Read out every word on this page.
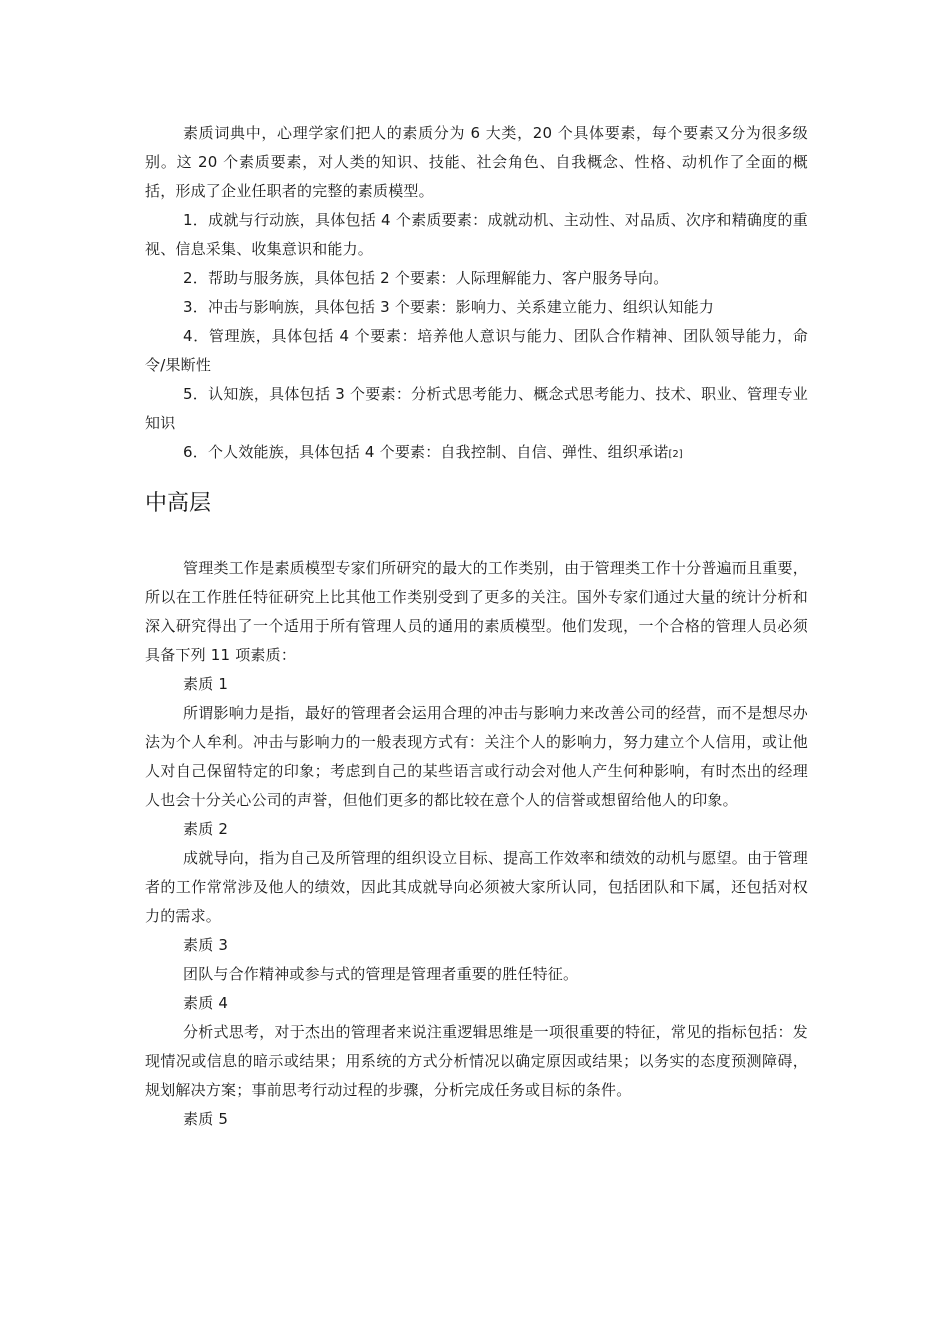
素质词典中，心理学家们把人的素质分为 6 大类，20 个具体要素，每个要素又分为很多级别。这 20 个素质要素，对人类的知识、技能、社会角色、自我概念、性格、动机作了全面的概括，形成了企业任职者的完整的素质模型。

1．成就与行动族，具体包括 4 个素质要素：成就动机、主动性、对品质、次序和精确度的重视、信息采集、收集意识和能力。

2．帮助与服务族，具体包括 2 个要素：人际理解能力、客户服务导向。

3．冲击与影响族，具体包括 3 个要素：影响力、关系建立能力、组织认知能力

4．管理族，具体包括 4 个要素：培养他人意识与能力、团队合作精神、团队领导能力，命令/果断性

5．认知族，具体包括 3 个要素：分析式思考能力、概念式思考能力、技术、职业、管理专业知识

6．个人效能族，具体包括 4 个要素：自我控制、自信、弹性、组织承诺[2]

中高层

管理类工作是素质模型专家们所研究的最大的工作类别，由于管理类工作十分普遍而且重要，所以在工作胜任特征研究上比其他工作类别受到了更多的关注。国外专家们通过大量的统计分析和深入研究得出了一个适用于所有管理人员的通用的素质模型。他们发现，一个合格的管理人员必须具备下列 11 项素质：

素质 1

所谓影响力是指，最好的管理者会运用合理的冲击与影响力来改善公司的经营，而不是想尽办法为个人牟利。冲击与影响力的一般表现方式有：关注个人的影响力，努力建立个人信用，或让他人对自己保留特定的印象；考虑到自己的某些语言或行动会对他人产生何种影响，有时杰出的经理人也会十分关心公司的声誉，但他们更多的都比较在意个人的信誉或想留给他人的印象。

素质 2

成就导向，指为自己及所管理的组织设立目标、提高工作效率和绩效的动机与愿望。由于管理者的工作常常涉及他人的绩效，因此其成就导向必须被大家所认同，包括团队和下属，还包括对权力的需求。

素质 3

团队与合作精神或参与式的管理是管理者重要的胜任特征。

素质 4

分析式思考，对于杰出的管理者来说注重逻辑思维是一项很重要的特征，常见的指标包括：发现情况或信息的暗示或结果；用系统的方式分析情况以确定原因或结果；以务实的态度预测障碍，规划解决方案；事前思考行动过程的步骤，分析完成任务或目标的条件。

素质 5
